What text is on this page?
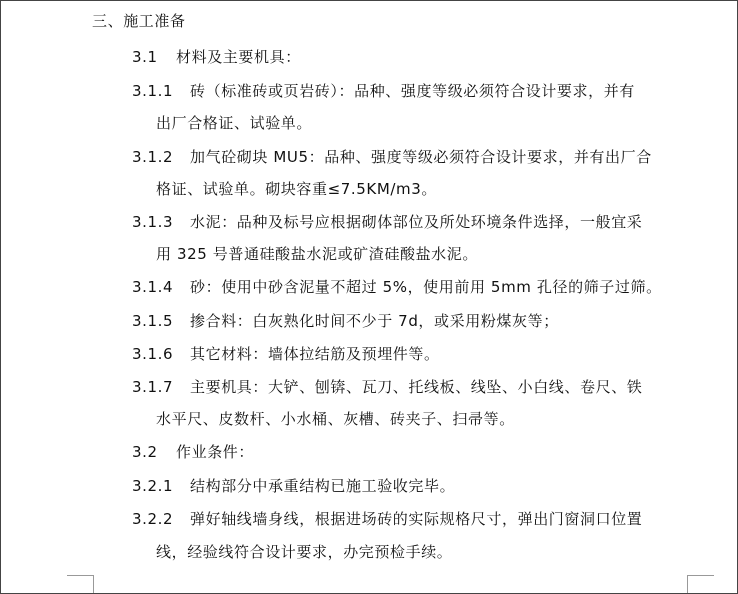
三、施工准备
3.1 材料及主要机具：
3.1.1 砖（标准砖或页岩砖）：品种、强度等级必须符合设计要求，并有
出厂合格证、试验单。
3.1.2 加气砼砌块 MU5：品种、强度等级必须符合设计要求，并有出厂合
格证、试验单。砌块容重≤7.5KM/m3。
3.1.3 水泥：品种及标号应根据砌体部位及所处环境条件选择，一般宜采
用 325 号普通硅酸盐水泥或矿渣硅酸盐水泥。
3.1.4 砂：使用中砂含泥量不超过 5%，使用前用 5mm 孔径的筛子过筛。
3.1.5 掺合料：白灰熟化时间不少于 7d，或采用粉煤灰等；
3.1.6 其它材料：墙体拉结筋及预埋件等。
3.1.7 主要机具：大铲、刨锛、瓦刀、托线板、线坠、小白线、卷尺、铁
水平尺、皮数杆、小水桶、灰槽、砖夹子、扫帚等。
3.2 作业条件：
3.2.1 结构部分中承重结构已施工验收完毕。
3.2.2 弹好轴线墙身线，根据进场砖的实际规格尺寸，弹出门窗洞口位置
线，经验线符合设计要求，办完预检手续。
